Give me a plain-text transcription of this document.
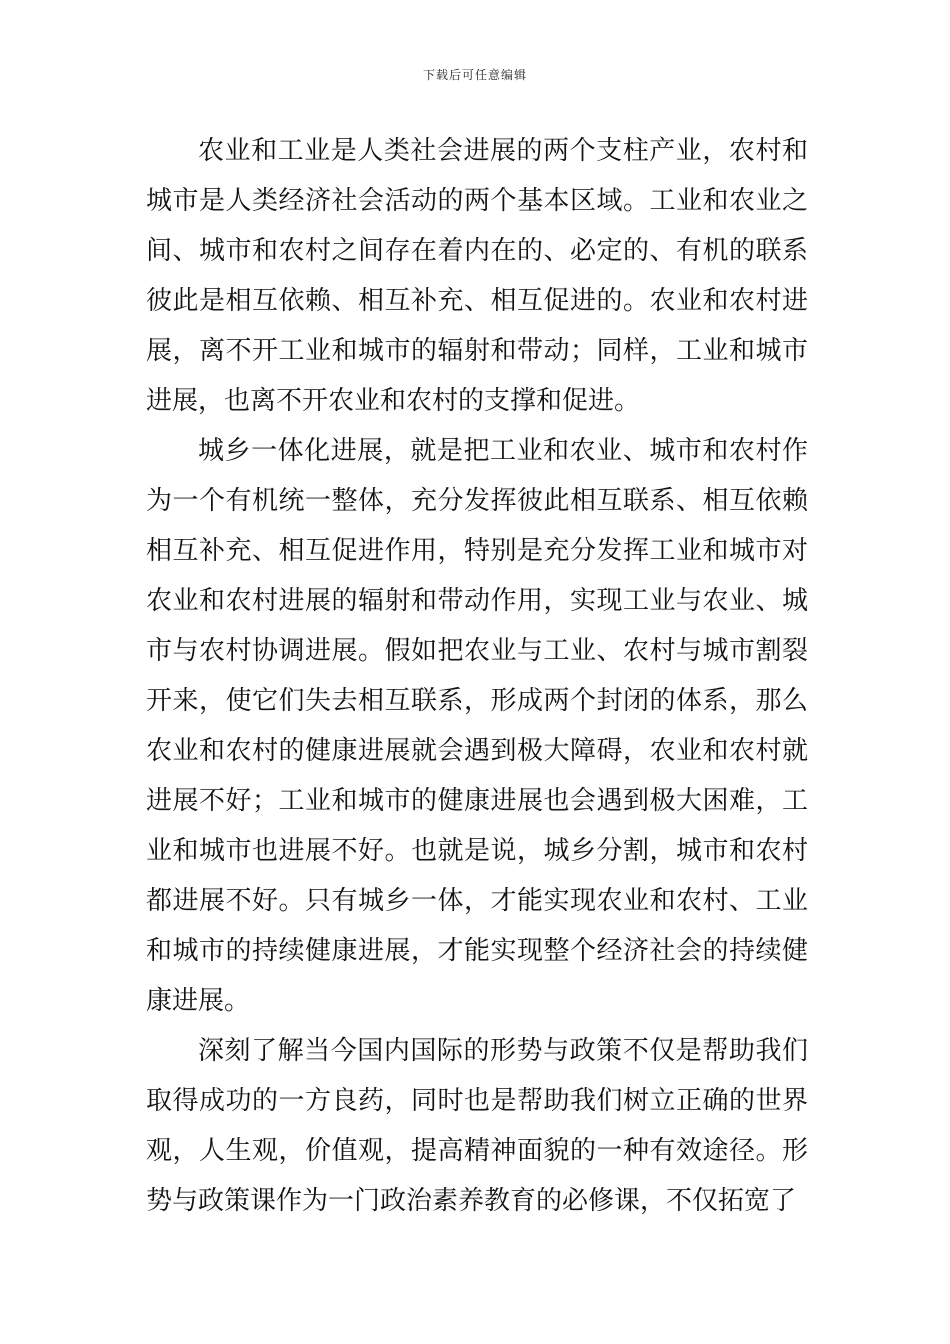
下载后可任意编辑

农业和工业是人类社会进展的两个支柱产业，农村和城市是人类经济社会活动的两个基本区域。工业和农业之间、城市和农村之间存在着内在的、必定的、有机的联系彼此是相互依赖、相互补充、相互促进的。农业和农村进展，离不开工业和城市的辐射和带动；同样，工业和城市进展，也离不开农业和农村的支撑和促进。

城乡一体化进展，就是把工业和农业、城市和农村作为一个有机统一整体，充分发挥彼此相互联系、相互依赖相互补充、相互促进作用，特别是充分发挥工业和城市对农业和农村进展的辐射和带动作用，实现工业与农业、城市与农村协调进展。假如把农业与工业、农村与城市割裂开来，使它们失去相互联系，形成两个封闭的体系，那么农业和农村的健康进展就会遇到极大障碍，农业和农村就进展不好；工业和城市的健康进展也会遇到极大困难，工业和城市也进展不好。也就是说，城乡分割，城市和农村都进展不好。只有城乡一体，才能实现农业和农村、工业和城市的持续健康进展，才能实现整个经济社会的持续健康进展。

深刻了解当今国内国际的形势与政策不仅是帮助我们取得成功的一方良药，同时也是帮助我们树立正确的世界观，人生观，价值观，提高精神面貌的一种有效途径。形势与政策课作为一门政治素养教育的必修课，不仅拓宽了
